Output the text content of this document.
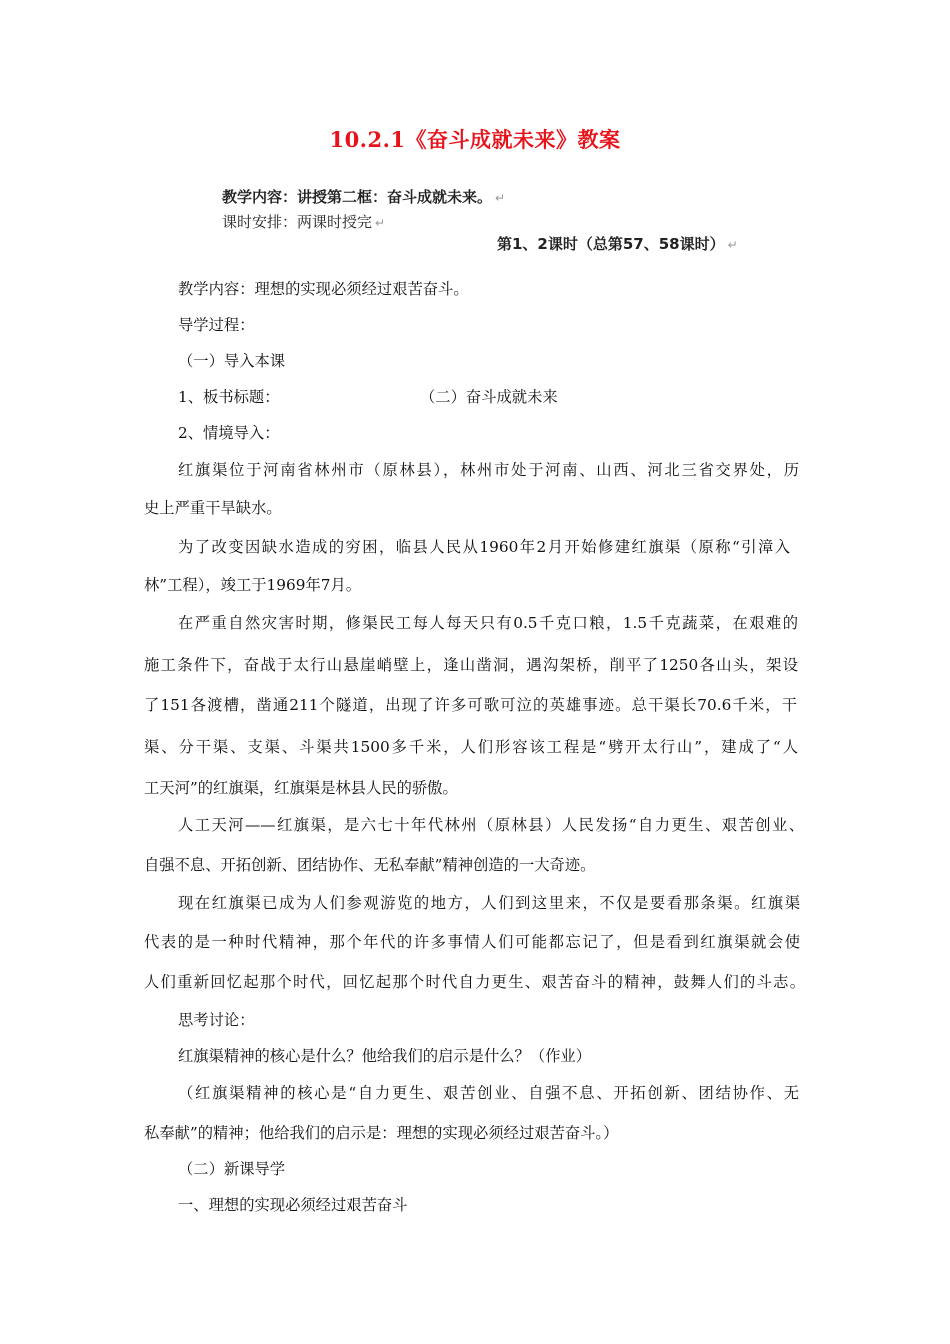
10.2.1《奋斗成就未来》教案
教学内容：讲授第二框：奋斗成就未来。 ↵
课时安排：两课时授完 ↵
第1、2课时（总第57、58课时） ↵
教学内容：理想的实现必须经过艰苦奋斗。
导学过程：
（一）导入本课
1、板书标题：	（二）奋斗成就未来
2、情境导入：
红旗渠位于河南省林州市（原林县），林州市处于河南、山西、河北三省交界处，历
史上严重干旱缺水。
为了改变因缺水造成的穷困，临县人民从1960年2月开始修建红旗渠（原称“引漳入
林”工程），竣工于1969年7月。
在严重自然灾害时期，修渠民工每人每天只有0.5千克口粮，1.5千克蔬菜，在艰难的
施工条件下，奋战于太行山悬崖峭壁上，逢山凿洞，遇沟架桥，削平了1250各山头，架设
了151各渡槽，凿通211个隧道，出现了许多可歌可泣的英雄事迹。总干渠长70.6千米，干
渠、分干渠、支渠、斗渠共1500多千米，人们形容该工程是“劈开太行山”，建成了“人
工天河”的红旗渠，红旗渠是林县人民的骄傲。
人工天河——红旗渠，是六七十年代林州（原林县）人民发扬“自力更生、艰苦创业、
自强不息、开拓创新、团结协作、无私奉献”精神创造的一大奇迹。
现在红旗渠已成为人们参观游览的地方，人们到这里来，不仅是要看那条渠。红旗渠
代表的是一种时代精神，那个年代的许多事情人们可能都忘记了，但是看到红旗渠就会使
人们重新回忆起那个时代，回忆起那个时代自力更生、艰苦奋斗的精神，鼓舞人们的斗志。
思考讨论：
红旗渠精神的核心是什么？他给我们的启示是什么？（作业）
（红旗渠精神的核心是“自力更生、艰苦创业、自强不息、开拓创新、团结协作、无
私奉献”的精神；他给我们的启示是：理想的实现必须经过艰苦奋斗。）
（二）新课导学
一、理想的实现必须经过艰苦奋斗
